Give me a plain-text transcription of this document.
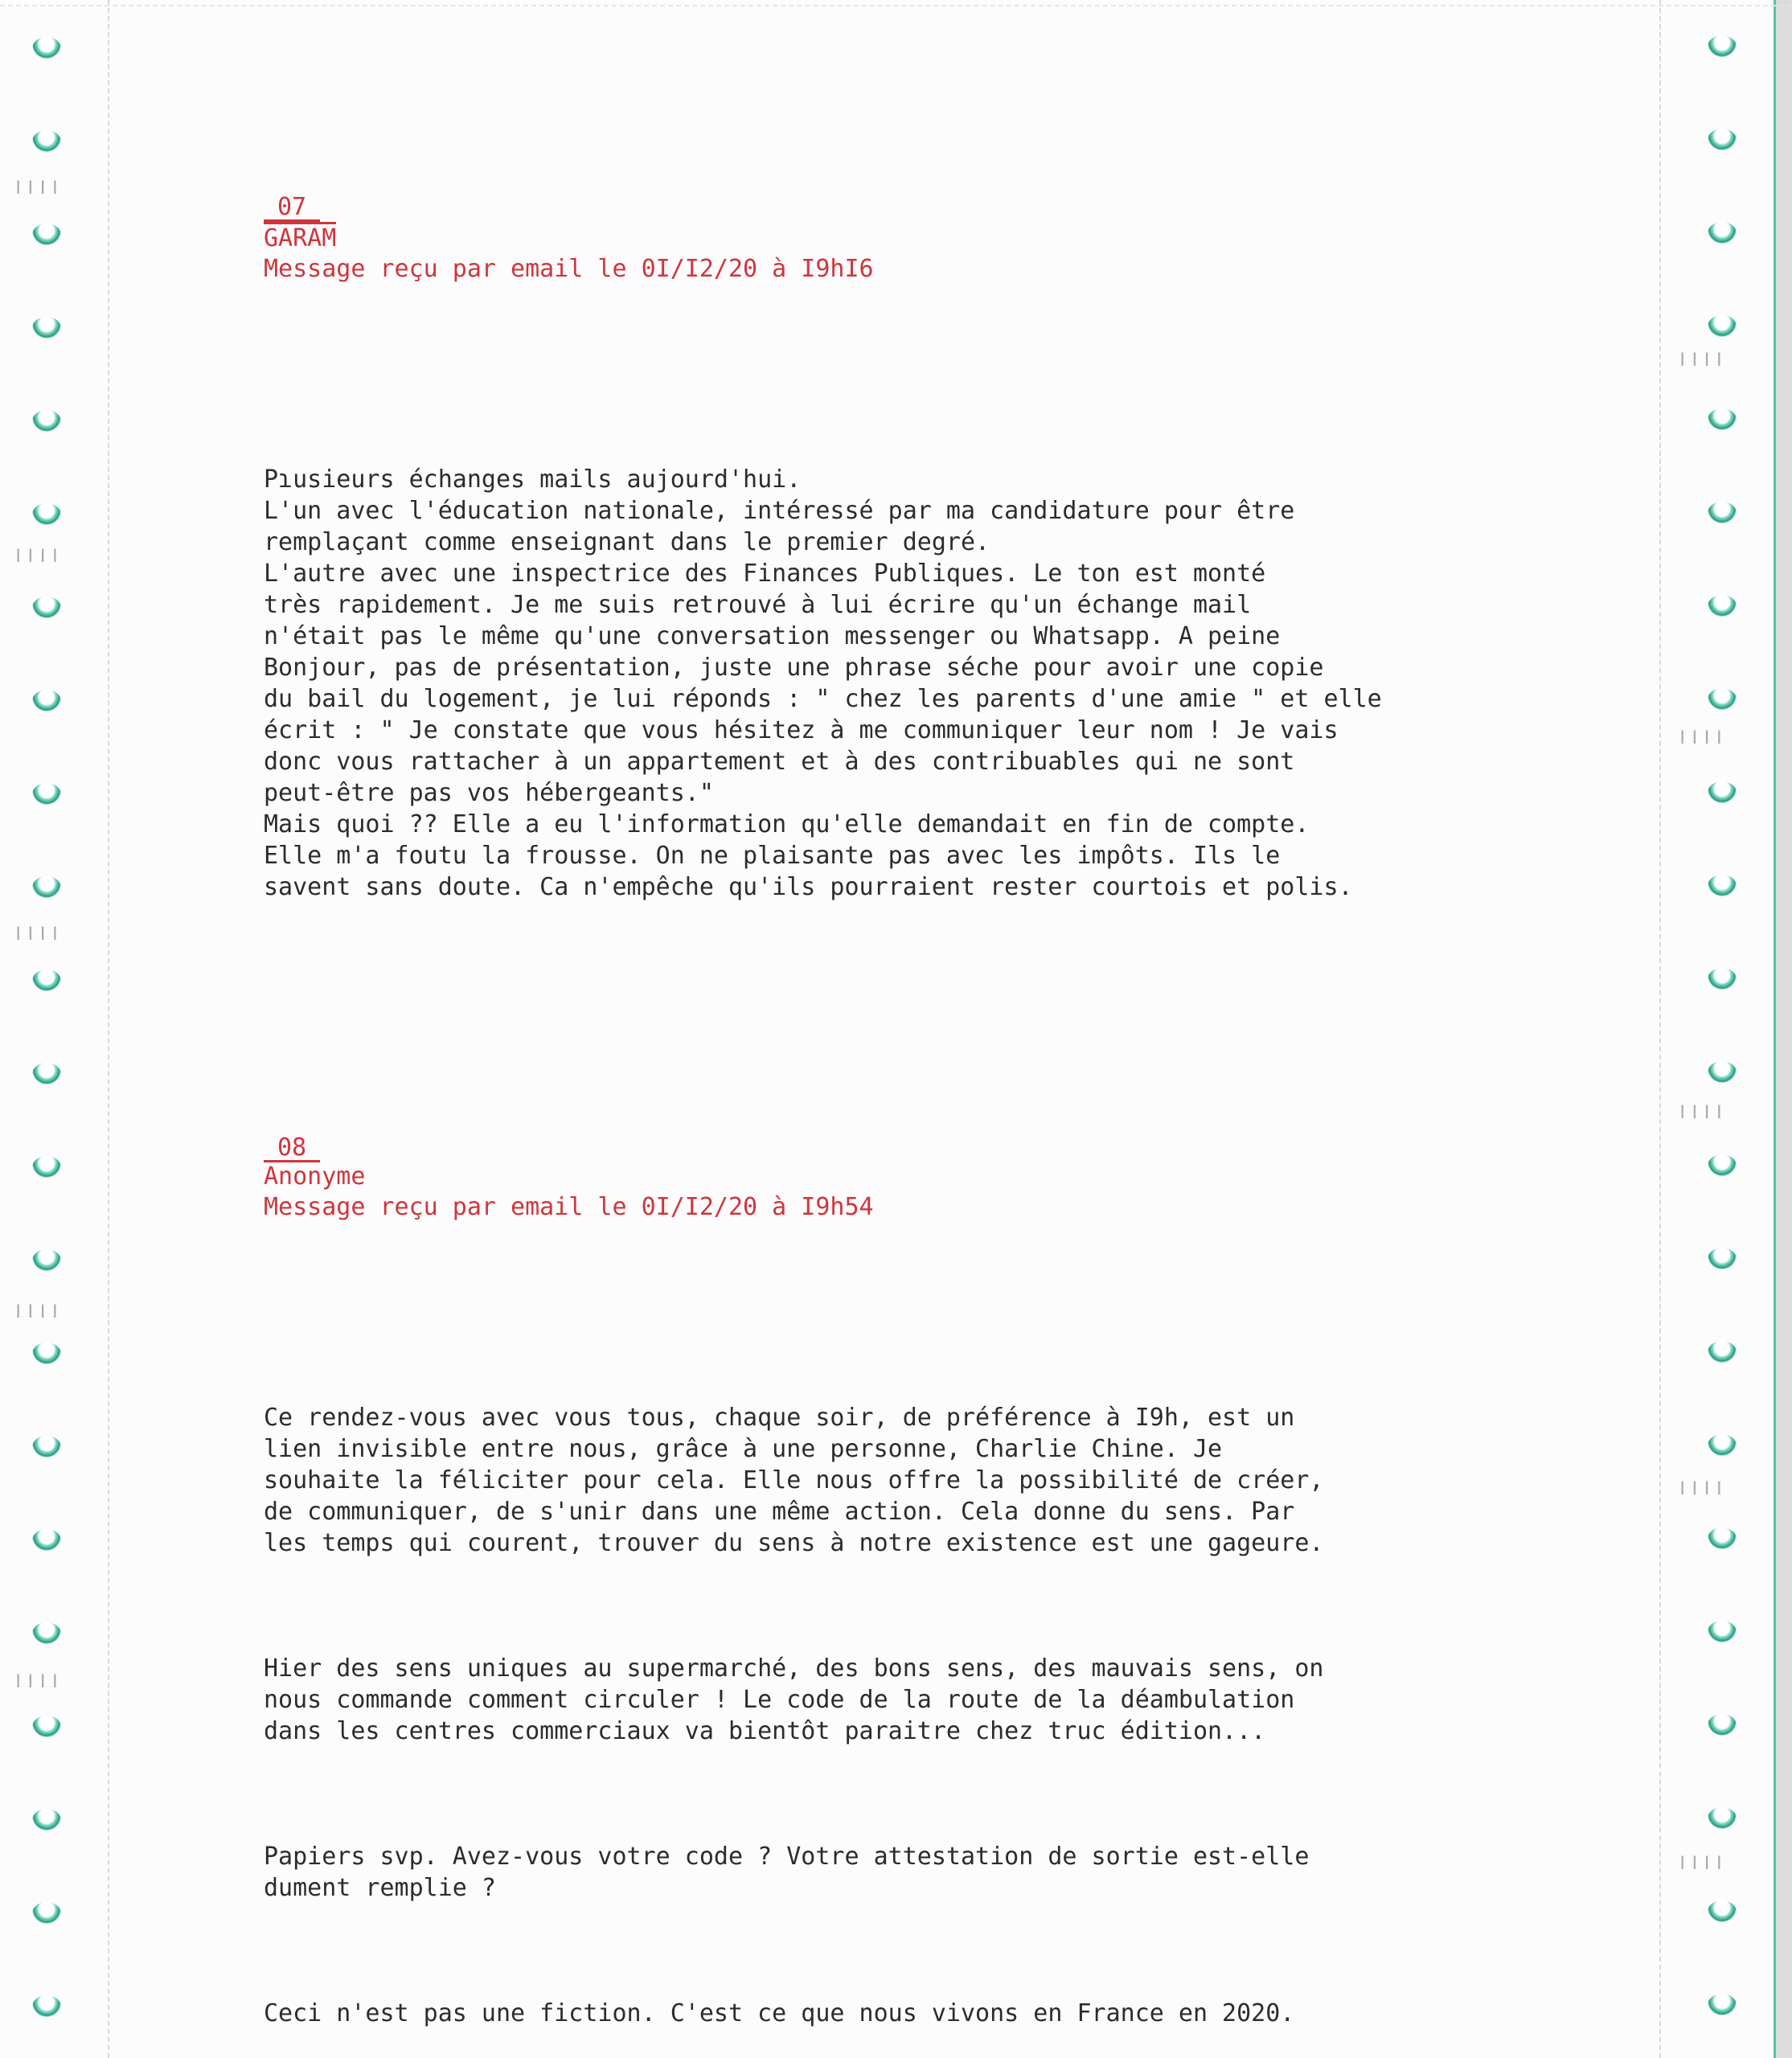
ǀǀǀǀ
ǀǀǀǀ
ǀǀǀǀ
ǀǀǀǀ
ǀǀǀǀ
ǀǀǀǀ
ǀǀǀǀ
ǀǀǀǀ
ǀǀǀǀ
ǀǀǀǀ
07
GARAM
Message reçu par email le 0I/I2/20 à I9hI6

Pɿusieurs échanges mails aujourd'hui.
L'un avec l'éducation nationale, intéressé par ma candidature pour être
remplaçant comme enseignant dans le premier degré.
L'autre avec une inspectrice des Finances Publiques. Le ton est monté
très rapidement. Je me suis retrouvé à lui écrire qu'un échange mail
n'était pas le même qu'une conversation messenger ou Whatsapp. A peine
Bonjour, pas de présentation, juste une phrase séche pour avoir une copie
du bail du logement, je lui réponds : " chez les parents d'une amie " et elle
écrit : " Je constate que vous hésitez à me communiquer leur nom ! Je vais
donc vous rattacher à un appartement et à des contribuables qui ne sont
peut-être pas vos hébergeants."
Mais quoi ?? Elle a eu l'information qu'elle demandait en fin de compte.
Elle m'a foutu la frousse. On ne plaisante pas avec les impôts. Ils le
savent sans doute. Ca n'empêche qu'ils pourraient rester courtois et polis.

08
Anonyme
Message reçu par email le 0I/I2/20 à I9h54

Ce rendez-vous avec vous tous, chaque soir, de préférence à I9h, est un
lien invisible entre nous, grâce à une personne, Charlie Chine. Je
souhaite la féliciter pour cela. Elle nous offre la possibilité de créer,
de communiquer, de s'unir dans une même action. Cela donne du sens. Par
les temps qui courent, trouver du sens à notre existence est une gageure.

Hier des sens uniques au supermarché, des bons sens, des mauvais sens, on
nous commande comment circuler ! Le code de la route de la déambulation
dans les centres commerciaux va bientôt paraitre chez truc édition...

Papiers svp. Avez-vous votre code ? Votre attestation de sortie est-elle
dument remplie ?

Ceci n'est pas une fiction. C'est ce que nous vivons en France en 2020.
